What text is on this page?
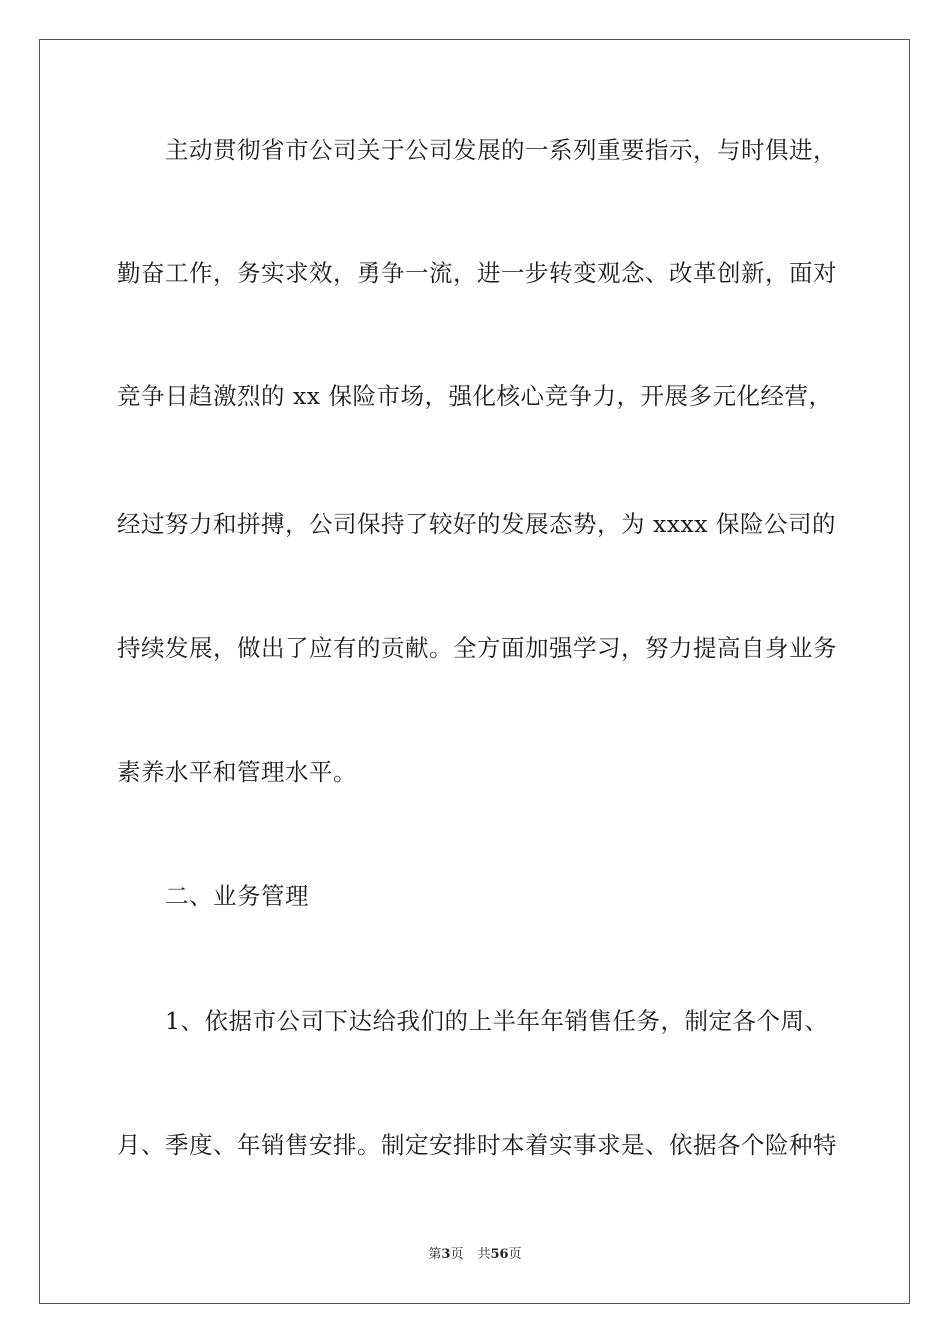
主动贯彻省市公司关于公司发展的一系列重要指示，与时俱进，
勤奋工作，务实求效，勇争一流，进一步转变观念、改革创新，面对
竞争日趋激烈的 xx 保险市场，强化核心竞争力，开展多元化经营，
经过努力和拼搏，公司保持了较好的发展态势，为 xxxx 保险公司的
持续发展，做出了应有的贡献。全方面加强学习，努力提高自身业务
素养水平和管理水平。
二、业务管理
1、依据市公司下达给我们的上半年年销售任务，制定各个周、
月、季度、年销售安排。制定安排时本着实事求是、依据各个险种特
第3页 共56页
